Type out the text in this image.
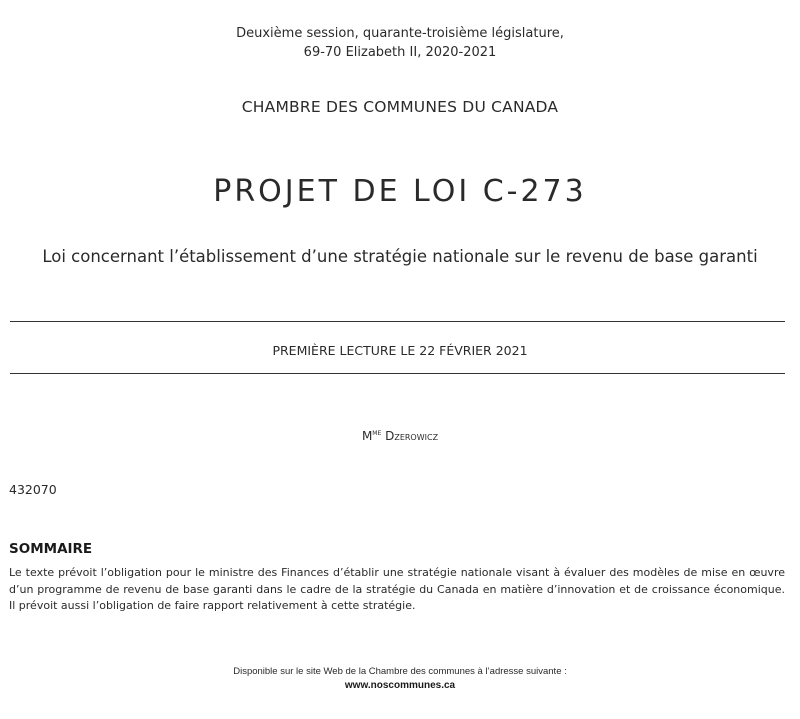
Deuxième session, quarante-troisième législature,
69-70 Elizabeth II, 2020-2021
CHAMBRE DES COMMUNES DU CANADA
PROJET DE LOI C-273
Loi concernant l’établissement d’une stratégie nationale sur le revenu de base garanti
PREMIÈRE LECTURE LE 22 FÉVRIER 2021
$M^{me}$ Dzerowicz
432070
SOMMAIRE
Le texte prévoit l’obligation pour le ministre des Finances d’établir une stratégie nationale visant à évaluer des modèles de mise en œuvre d’un programme de revenu de base garanti dans le cadre de la stratégie du Canada en matière d’innovation et de croissance économique. Il prévoit aussi l’obligation de faire rapport relativement à cette stratégie.
Disponible sur le site Web de la Chambre des communes à l’adresse suivante :
www.noscommunes.ca
